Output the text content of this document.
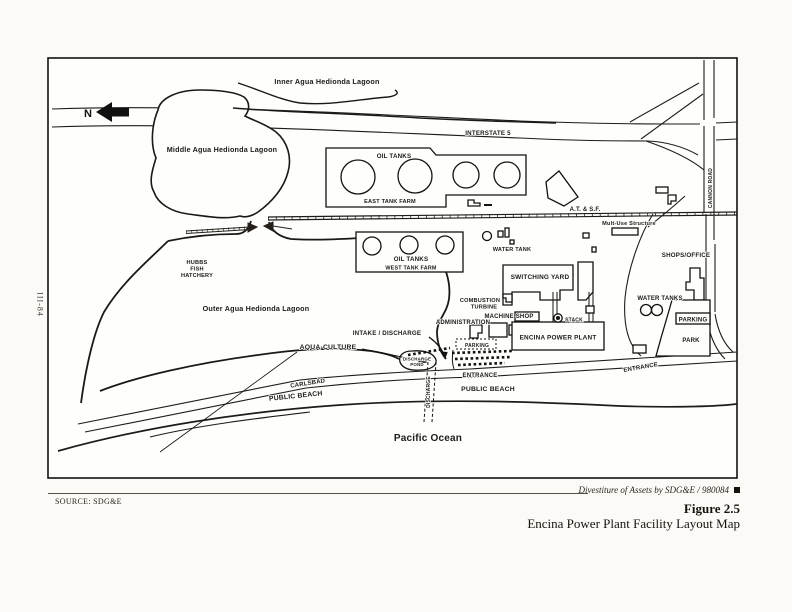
N
Inner Agua Hedionda Lagoon
Middle Agua Hedionda Lagoon
Outer Agua Hedionda Lagoon
INTERSTATE 5
CANNON ROAD
A.T. & S.F.
Mult-Use Structure
OIL TANKS
EAST TANK FARM
OIL TANKS
WEST TANK FARM
WATER TANK
SWITCHING YARD
COMBUSTION
TURBINE
MACHINE SHOP
ADMINISTRATION	STACK
ENCINA POWER PLANT
PARKING
INTAKE / DISCHARGE
AQUA-CULTURE
DISCHARGE
POND
DISCHARGE
HUBBS
FISH
HATCHERY
CARLSBAD
PUBLIC BEACH
PUBLIC BEACH
ENTRANCE
ENTRANCE
SHOPS/OFFICE
WATER TANKS
PARKING
PARK
Pacific Ocean
III-84
Divestiture of Assets by SDG&E / 980084
SOURCE: SDG&E	Figure 2.5
Encina Power Plant Facility Layout Map
